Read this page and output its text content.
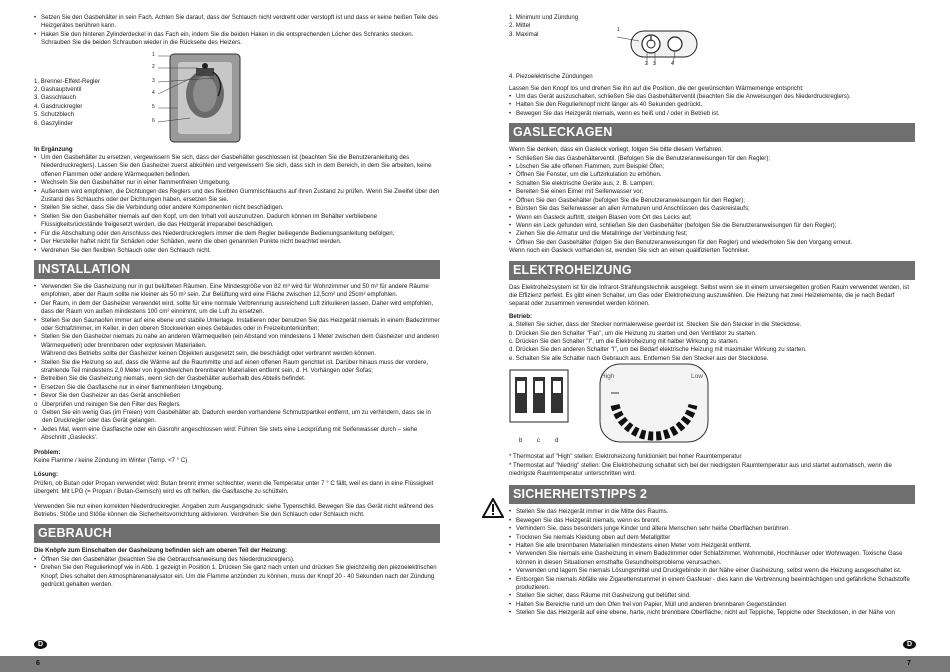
• Setzen Sie den Gasbehälter in sein Fach. Achten Sie darauf, dass der Schlauch nicht verdreht oder verstopft ist und dass er keine heißen Teile des Heizgerätes berühren kann.

• Haken Sie den hinteren Zylinderdeckel in das Fach ein, indem Sie die beiden Haken in die entsprechenden Löcher des Schranks stecken. Schrauben Sie die beiden Schrauben wieder in die Rückseite des Heizers.

1
2
3
4
5
6

1. Brenner-Effekt-Regler

2. Gashauptventil

3. Gasschlauch

4. Gasdruckregler

5. Schutzblech

6. Gaszylinder

In Ergänzung

• Um den Gasbehälter zu ersetzen, vergewissern Sie sich, dass der Gasbehälter geschlossen ist (beachten Sie die Benutzeranleitung des Niederdruckreglers). Lassen Sie den Gasheizer zuerst abkühlen und vergewissern Sie sich, dass sich in dem Bereich, in dem Sie arbeiten, keine offenen Flammen oder andere Wärmequellen befinden.

• Wechseln Sie den Gasbehälter nur in einer flammenfreien Umgebung.

• Außerdem wird empfohlen, die Dichtungen des Reglers und des flexiblen Gummischlauchs auf ihren Zustand zu prüfen. Wenn Sie Zweifel über den Zustand des Schlauchs oder der Dichtungen haben, ersetzen Sie sie.

• Stellen Sie sicher, dass Sie die Verbindung oder andere Komponenten nicht beschädigen.

• Stellen Sie den Gasbehälter niemals auf den Kopf, um den Inhalt voll auszunutzen. Dadurch können im Behälter verbliebene Flüssigkeitsrückstände freigesetzt werden, die das Heizgerät irreparabel beschädigen.

• Für die Abschaltung oder den Anschluss des Niederdruckreglers immer die dem Regler beiliegende Bedienungsanleitung befolgen;

• Der Hersteller haftet nicht für Schäden oder Schäden, wenn die oben genannten Punkte nicht beachtet werden.

• Verdrehen Sie den flexiblen Schlauch oder den Schlauch nicht.

INSTALLATION

• Verwenden Sie die Gasheizung nur in gut belüfteten Räumen. Eine Mindestgröße von 82 m³ wird für Wohnzimmer und 50 m³ für andere Räume empfohlen, aber der Raum sollte nie kleiner als 50 m³ sein. Zur Belüftung wird eine Fläche zwischen 12,5cm² und 25cm² empfohlen.

• Der Raum, in dem der Gasheizer verwendet wird, sollte für eine normale Verbrennung ausreichend Luft zirkulieren lassen. Daher wird empfohlen, dass der Raum von außen mindestens 100 cm² einnimmt, um die Luft zu ersetzen.

• Stellen Sie den Saunaofen immer auf eine ebene und stabile Unterlage. Installieren oder benutzen Sie das Heizgerät niemals in einem Badezimmer oder Schlafzimmer, im Keller, in den oberen Stockwerken eines Gebäudes oder in Freizeitunterkünften;

• Stellen Sie den Gasheizer niemals zu nahe an anderen Wärmequellen (ein Abstand von mindestens 1 Meter zwischen dem Gasheizer und anderen Wärmequellen) oder brennbaren oder explosiven Materialien.

Während des Betriebs sollte der Gasheizer keinen Objekten ausgesetzt sein, die beschädigt oder verbrannt werden können.

• Stellen Sie die Heizung so auf, dass die Wärme auf die Raummitte und auf einen offenen Raum gerichtet ist. Darüber hinaus muss der vordere, strahlende Teil mindestens 2,0 Meter von irgendwelchen brennbaren Materialien entfernt sein, d. H. Vorhängen oder Sofas;

• Betreiben Sie die Gasheizung niemals, wenn sich der Gasbehälter außerhalb des Abteils befindet.

• Ersetzen Sie die Gasflasche nur in einer flammenfreien Umgebung.

• Bevor Sie den Gasheizer an das Gerät anschließen

o Überprüfen und reinigen Sie den Filter des Reglers

o Geben Sie ein wenig Gas (im Freien) vom Gasbehälter ab. Dadurch werden vorhandene Schmutzpartikel entfernt, um zu verhindern, dass sie in den Druckregler oder das Gerät gelangen.

• Jedes Mal, wenn eine Gasflasche oder ein Gasrohr angeschlossen wird: Führen Sie stets eine Leckprüfung mit Seifenwasser durch – siehe Abschnitt „Gaslecks'.

Problem:

Keine Flamme / keine Zündung im Winter (Temp. <7 ° C)

Lösung:

Prüfen, ob Butan oder Propan verwendet wird: Butan brennt immer schlechter, wenn die Temperatur unter 7 ° C fällt, weil es dann in eine Flüssigkeit übergeht. Mit LPG (= Propan / Butan-Gemisch) wird es oft helfen, die Gasflasche zu schütteln.

Verwenden Sie nur einen korrekten Niederdruckregler. Angaben zum Ausgangsdruck: siehe Typenschild. Bewegen Sie das Gerät nicht während des Betriebs. Stöße und Stöße können die Sicherheitsvorrichtung aktivieren. Verdrehen Sie den Schlauch oder Schlauch nicht.

GEBRAUCH

Die Knöpfe zum Einschalten der Gasheizung befinden sich am oberen Teil der Heizung:

• Öffnen Sie den Gasbehälter (beachten Sie die Gebrauchsanweisung des Niederdruckreglers).

• Drehen Sie den Regulierknopf wie in Abb. 1 gezeigt in Position 1. Drücken Sie ganz nach unten und drücken Sie gleichzeitig den piezoelektrischen Knopf; Dies schaltet den Atmosphärenanalysator ein. Um die Flamme anzünden zu können, muss der Knopf 20 - 40 Sekunden nach der Zündung gedrückt gehalten werden.

1. Minimum und Zündung

2. Mittel

3. Maximal

1
2 3	4

4. Piezoelektrische Zündungen

Lassen Sie den Knopf los und drehen Sie ihn auf die Position, die der gewünschten Wärmemenge entspricht:

• Um das Gerät auszuschalten, schließen Sie das Gasbehälterventil (beachten Sie die Anweisungen des Niederdruckreglers).

• Halten Sie den Regulierknopf nicht länger als 40 Sekunden gedrückt.

• Bewegen Sie das Heizgerät niemals, wenn es heiß und / oder in Betrieb ist.

GASLECKAGEN

Wenn Sie denken, dass ein Gasleck vorliegt, folgen Sie bitte diesem Verfahren:

• Schließen Sie das Gasbehälterventil. (Befolgen Sie die Benutzeranweisungen für den Regler);

• Löschen Sie alle offenen Flammen, zum Beispiel Öfen;

• Öffnen Sie Fenster, um die Luftzirkulation zu erhöhen.

• Schalten Sie elektrische Geräte aus, z. B. Lampen;

• Bereiten Sie einen Eimer mit Seifenwasser vor;

• Öffnen Sie den Gasbehälter (befolgen Sie die Benutzeranweisungen für den Regler);

• Bürsten Sie das Seifenwasser an allen Armaturen und Anschlüssen des Gaskreislaufs;

• Wenn ein Gasleck auftritt, steigen Blasen vom Ort des Lecks auf;

• Wenn ein Leck gefunden wird, schließen Sie den Gasbehälter (befolgen Sie die Benutzeranweisungen für den Regler);

• Ziehen Sie die Armatur und die Metallringe der Verbindung fest;

• Öffnen Sie den Gasbehälter (folgen Sie den Benutzeranweisungen für den Regler) und wiederholen Sie den Vorgang erneut.

Wenn noch ein Gasleck vorhanden ist, wenden Sie sich an einen qualifizierten Techniker.

ELEKTROHEIZUNG

Das Elektroheizsystem ist für die Infrarot-Strahlungstechnik ausgelegt. Selbst wenn sie in einem unversiegelten großen Raum verwendet werden, ist die Effizienz perfekt. Es gibt einen Schalter, um Gas oder Elektroheizung auszuwählen. Die Heizung hat zwei Heizelemente, die je nach Bedarf separat oder zusammen verwendet werden können.

Betrieb:

a. Stellen Sie sicher, dass der Stecker normalerweise geerdet ist. Stecken Sie den Stecker in die Steckdose.

b. Drücken Sie den Schalter "Fan", um die Heizung zu starten und den Ventilator zu starten.

c. Drücken Sie den Schalter "I", um die Elektroheizung mit halber Wirkung zu starten.

d. Drücken Sie den anderen Schalter "I", um bei Bedarf elektrische Heizung mit maximaler Wirkung zu starten.

e. Schalten Sie alle Schalter nach Gebrauch aus. Entfernen Sie den Stecker aus der Steckdose.

b c	d
High	Low

* Thermostat auf "High" stellen: Elektroheizung funktioniert bei hoher Raumtemperatur

* Thermostat auf "Niedrig" stellen: Die Elektroheizung schaltet sich bei der niedrigsten Raumtemperatur aus und startet automatisch, wenn die niedrigste Raumtemperatur unterschritten wird.

SICHERHEITSTIPPS 2

• Stellen Sie das Heizgerät immer in die Mitte des Raums.

• Bewegen Sie das Heizgerät niemals, wenn es brennt.

• Verhindern Sie, dass besonders junge Kinder und ältere Menschen sehr heiße Oberflächen berühren.

• Trocknen Sie niemals Kleidung oben auf dem Metallgitter

• Halten Sie alle brennbaren Materialien mindestens einen Meter vom Heizgerät entfernt.

• Verwenden Sie niemals eine Gasheizung in einem Badezimmer oder Schlafzimmer. Wohnmobil, Hochhäuser oder Wohnwagen. Toxische Gase können in diesen Situationen ernsthafte Gesundheitsprobleme verursachen.

• Verwenden und lagern Sie niemals Lösungsmittel und Druckgebinde in der Nähe einer Gasheizung, selbst wenn die Heizung ausgeschaltet ist.

• Entsorgen Sie niemals Abfälle wie Zigarettenstummel in einem Gasfeuer - dies kann die Verbrennung beeinträchtigen und gefährliche Schadstoffe produzieren.

• Stellen Sie sicher, dass Räume mit Gasheizung gut belüftet sind.

• Halten Sie Bereiche rund um den Ofen frei von Papier, Müll und anderen brennbaren Gegenständen

• Stellen Sie das Heizgerät auf eine ebene, harte, nicht brennbare Oberfläche; nicht auf Teppiche, Teppiche oder Steckdosen, in der Nähe von

D	D
6	7
